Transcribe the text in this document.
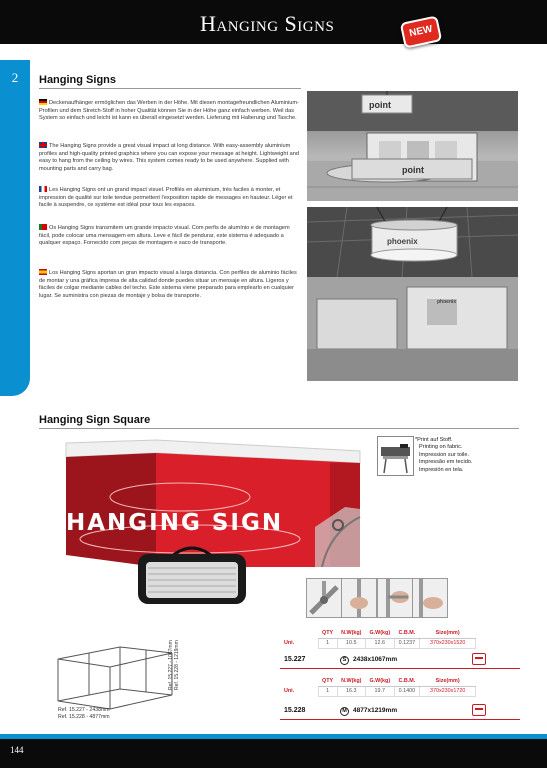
Hanging Signs	NEW
2	Hanging Signs
Deckenaufhänger ermöglichen das Werben in der Höhe. Mit diesen montagefreundlichen Aluminium-Profilen und dem Stretch-Stoff in hoher Qualität können Sie in der Höhe ganz einfach werben. Weil das System so einfach und leicht ist kann es überall eingesetzt werden. Lieferung mit Halterung und Tasche.
The Hanging Signs provide a great visual impact at long distance. With easy-assembly aluminium profiles and high-quality printed graphics where you can expose your message at height. Lightweight and easy to hang from the ceiling by wires. This system comes ready to be used anywhere. Supplied with mounting parts and carry bag.
Les Hanging Signs ont un grand impact visuel. Profilés en aluminium, très faciles à monter, et impression de qualité sur toile tendue permettent l'exposition rapide de messages en hauteur. Léger et facile à suspendre, ce système est idéal pour tous les espaces.
Os Hanging Signs transmitem um grande impacto visual. Com perfis de alumínio e de montagem fácil, pode colocar uma mensagem em altura. Leve e fácil de pendurar, este sistema é adequado a qualquer espaço. Fornecido com peças de montagem e saco de transporte.
Los Hanging Signs aportan un gran impacto visual a larga distancia. Con perfiles de aluminio fáciles de montar y una gráfica impresa de alta calidad donde puedes situar un mensaje en altura. Ligeros y fáciles de colgar mediante cables del techo. Este sistema viene preparado para emplearlo en cualquier lugar. Se suministra con piezas de montaje y bolsa de transporte.
point
point
phoenix
phoenix
Hanging Sign Square
HANGING SIGN
*Print auf Stoff.
Printing on fabric.
Impression sur toile.
Impressão em tecido.
Impresión en tela.
Ref. 15.227 - 2438mm
Ref. 15.228 - 4877mm
Ref. 15.227 - 1067mm Ref. 15.228 - 1219mm
	QTY	N.W(kg)	G.W(kg)	C.B.M.	Size(mm)
Uni.	1	10.5	12.6	0.1237	370x230x1520
15.227	S 2438x1067mm
	QTY	N.W(kg)	G.W(kg)	C.B.M.	Size(mm)
Uni.	1	16.3	19.7	0.1400	370x230x1720
15.228	M 4877x1219mm
144
